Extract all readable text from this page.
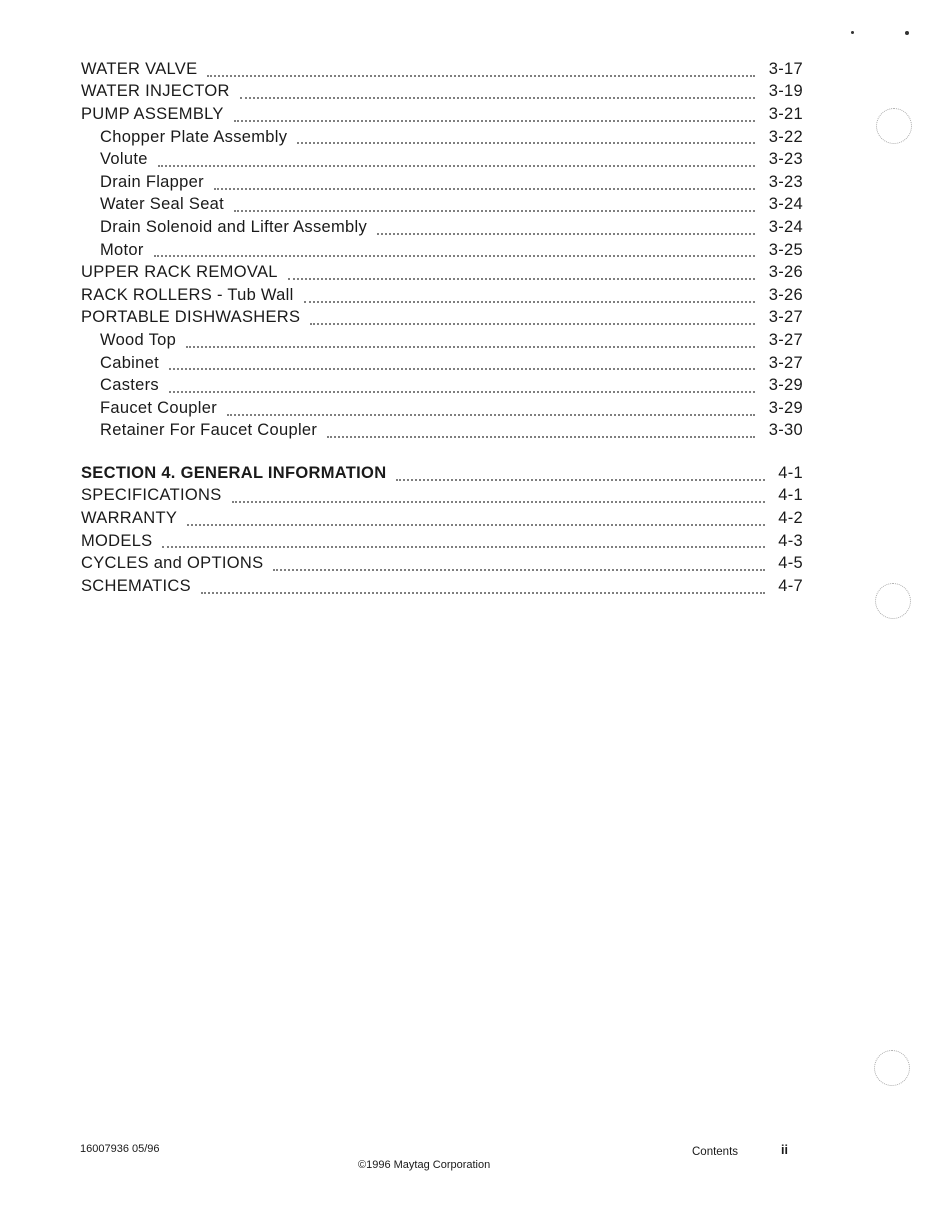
WATER VALVE	3-17
WATER INJECTOR	3-19
PUMP ASSEMBLY	3-21
Chopper Plate Assembly	3-22
Volute	3-23
Drain Flapper	3-23
Water Seal Seat	3-24
Drain Solenoid and Lifter Assembly	3-24
Motor	3-25
UPPER RACK REMOVAL	3-26
RACK ROLLERS - Tub Wall	3-26
PORTABLE DISHWASHERS	3-27
Wood Top	3-27
Cabinet	3-27
Casters	3-29
Faucet Coupler	3-29
Retainer For Faucet Coupler	3-30
SECTION 4. GENERAL INFORMATION	4-1
SPECIFICATIONS	4-1
WARRANTY	4-2
MODELS	4-3
CYCLES and OPTIONS	4-5
SCHEMATICS	4-7
16007936 05/96
©1996 Maytag Corporation
Contents	ii
